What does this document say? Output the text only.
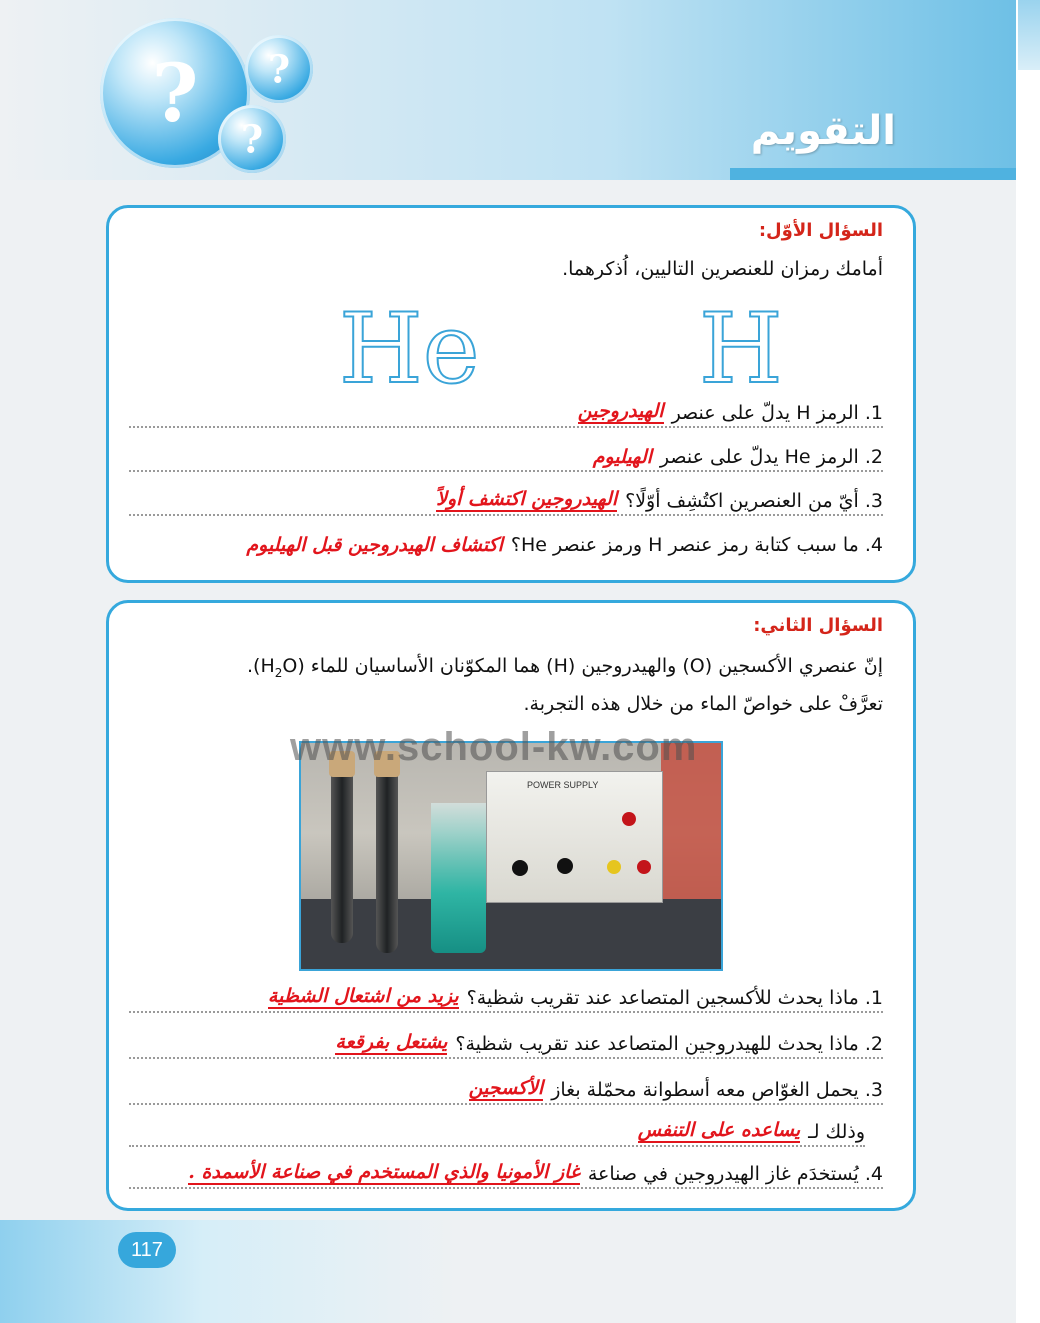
?	?
?	التقويم
السؤال الأوّل:
أمامك رمزان للعنصرين التاليين، اُذكرهما.
He H
1. الرمز H يدلّ على عنصر
الهيدروجين
2. الرمز He يدلّ على عنصر
الهيليوم
3. أيّ من العنصرين اكتُشِف أوّلًا؟
الهيدروجين اكتشف أولاً
4. ما سبب كتابة رمز عنصر H ورمز عنصر He؟
اكتشاف الهيدروجين قبل الهيليوم
السؤال الثاني:
إنّ عنصري الأكسجين (O) والهيدروجين (H) هما المكوّنان الأساسيان للماء $(H_2O)$.
تعرَّفْ على خواصّ الماء من خلال هذه التجربة.
POWER SUPPLY
1. ماذا يحدث للأكسجين المتصاعد عند تقريب شظية؟
يزيد من اشتعال الشظية
2. ماذا يحدث للهيدروجين المتصاعد عند تقريب شظية؟
يشتعل بفرقعة
3. يحمل الغوّاص معه أسطوانة محمّلة بغاز
الأكسجين
وذلك لـ
يساعده على التنفس
4. يُستخدَم غاز الهيدروجين في صناعة
غاز الأمونيا والذي المستخدم في صناعة الأسمدة .
www.school-kw.com
117
